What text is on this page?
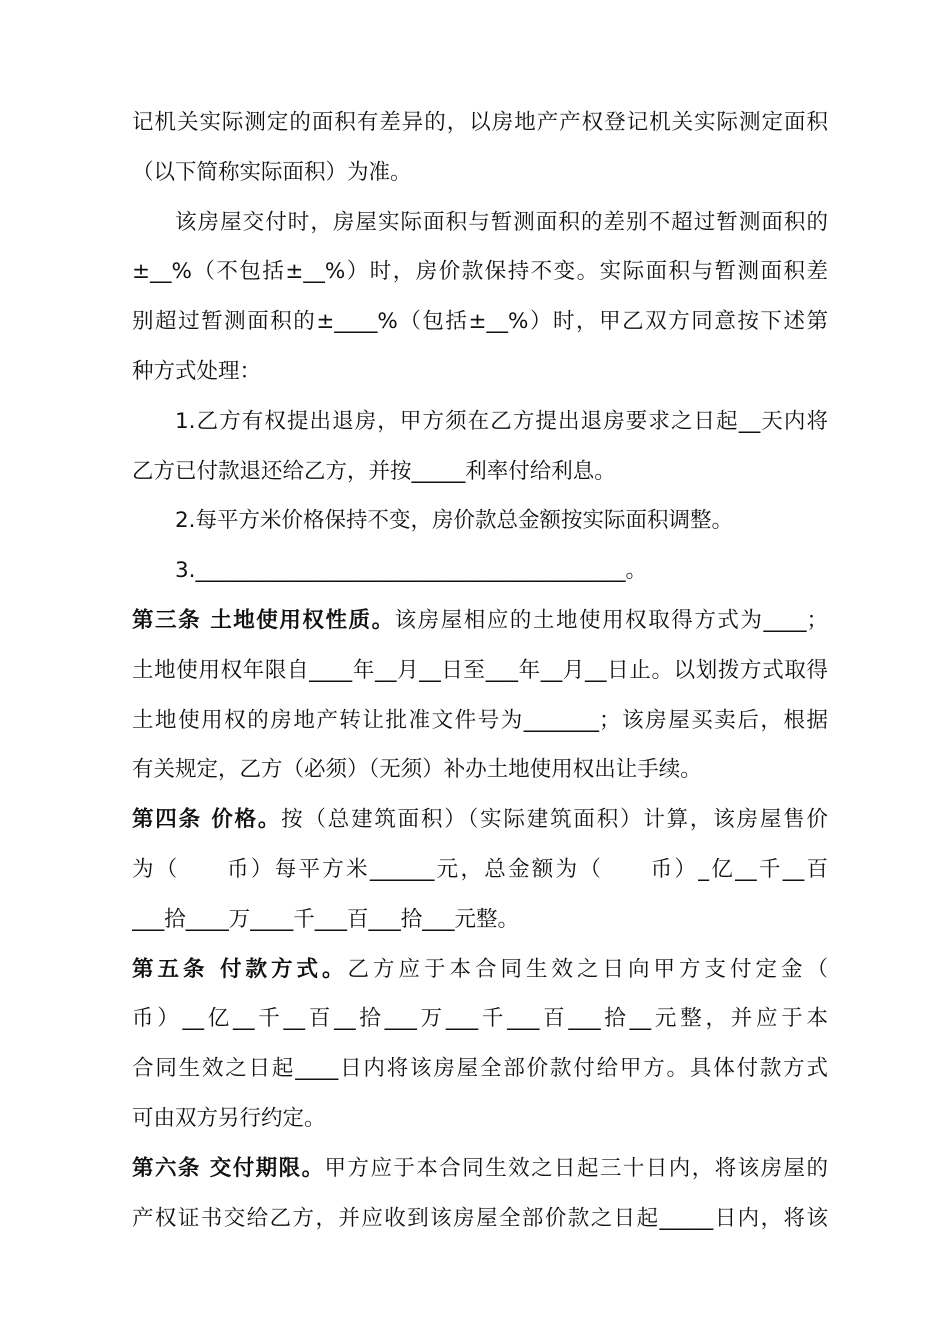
记机关实际测定的面积有差异的，以房地产产权登记机关实际测定面积
（以下简称实际面积）为准。
该房屋交付时，房屋实际面积与暂测面积的差别不超过暂测面积的
±__%（不包括±__%）时，房价款保持不变。实际面积与暂测面积差
别超过暂测面积的±____%（包括±__%）时，甲乙双方同意按下述第
种方式处理：
1.乙方有权提出退房，甲方须在乙方提出退房要求之日起__天内将
乙方已付款退还给乙方，并按_____利率付给利息。
2.每平方米价格保持不变，房价款总金额按实际面积调整。
3.________________________________________。
第三条 土地使用权性质。该房屋相应的土地使用权取得方式为____；
土地使用权年限自____年__月__日至___年__月__日止。以划拨方式取得
土地使用权的房地产转让批准文件号为_______；该房屋买卖后，根据
有关规定，乙方（必须）（无须）补办土地使用权出让手续。
第四条 价格。按（总建筑面积）（实际建筑面积）计算，该房屋售价
为（　　币）每平方米______元，总金额为（　　币）_亿__千__百
___拾____万____千___百___拾___元整。
第五条 付款方式。乙方应于本合同生效之日向甲方支付定金（
币）__亿__千__百__拾___万___千___百___拾__元整，并应于本
合同生效之日起____日内将该房屋全部价款付给甲方。具体付款方式
可由双方另行约定。
第六条 交付期限。甲方应于本合同生效之日起三十日内，将该房屋的
产权证书交给乙方，并应收到该房屋全部价款之日起_____日内，将该
